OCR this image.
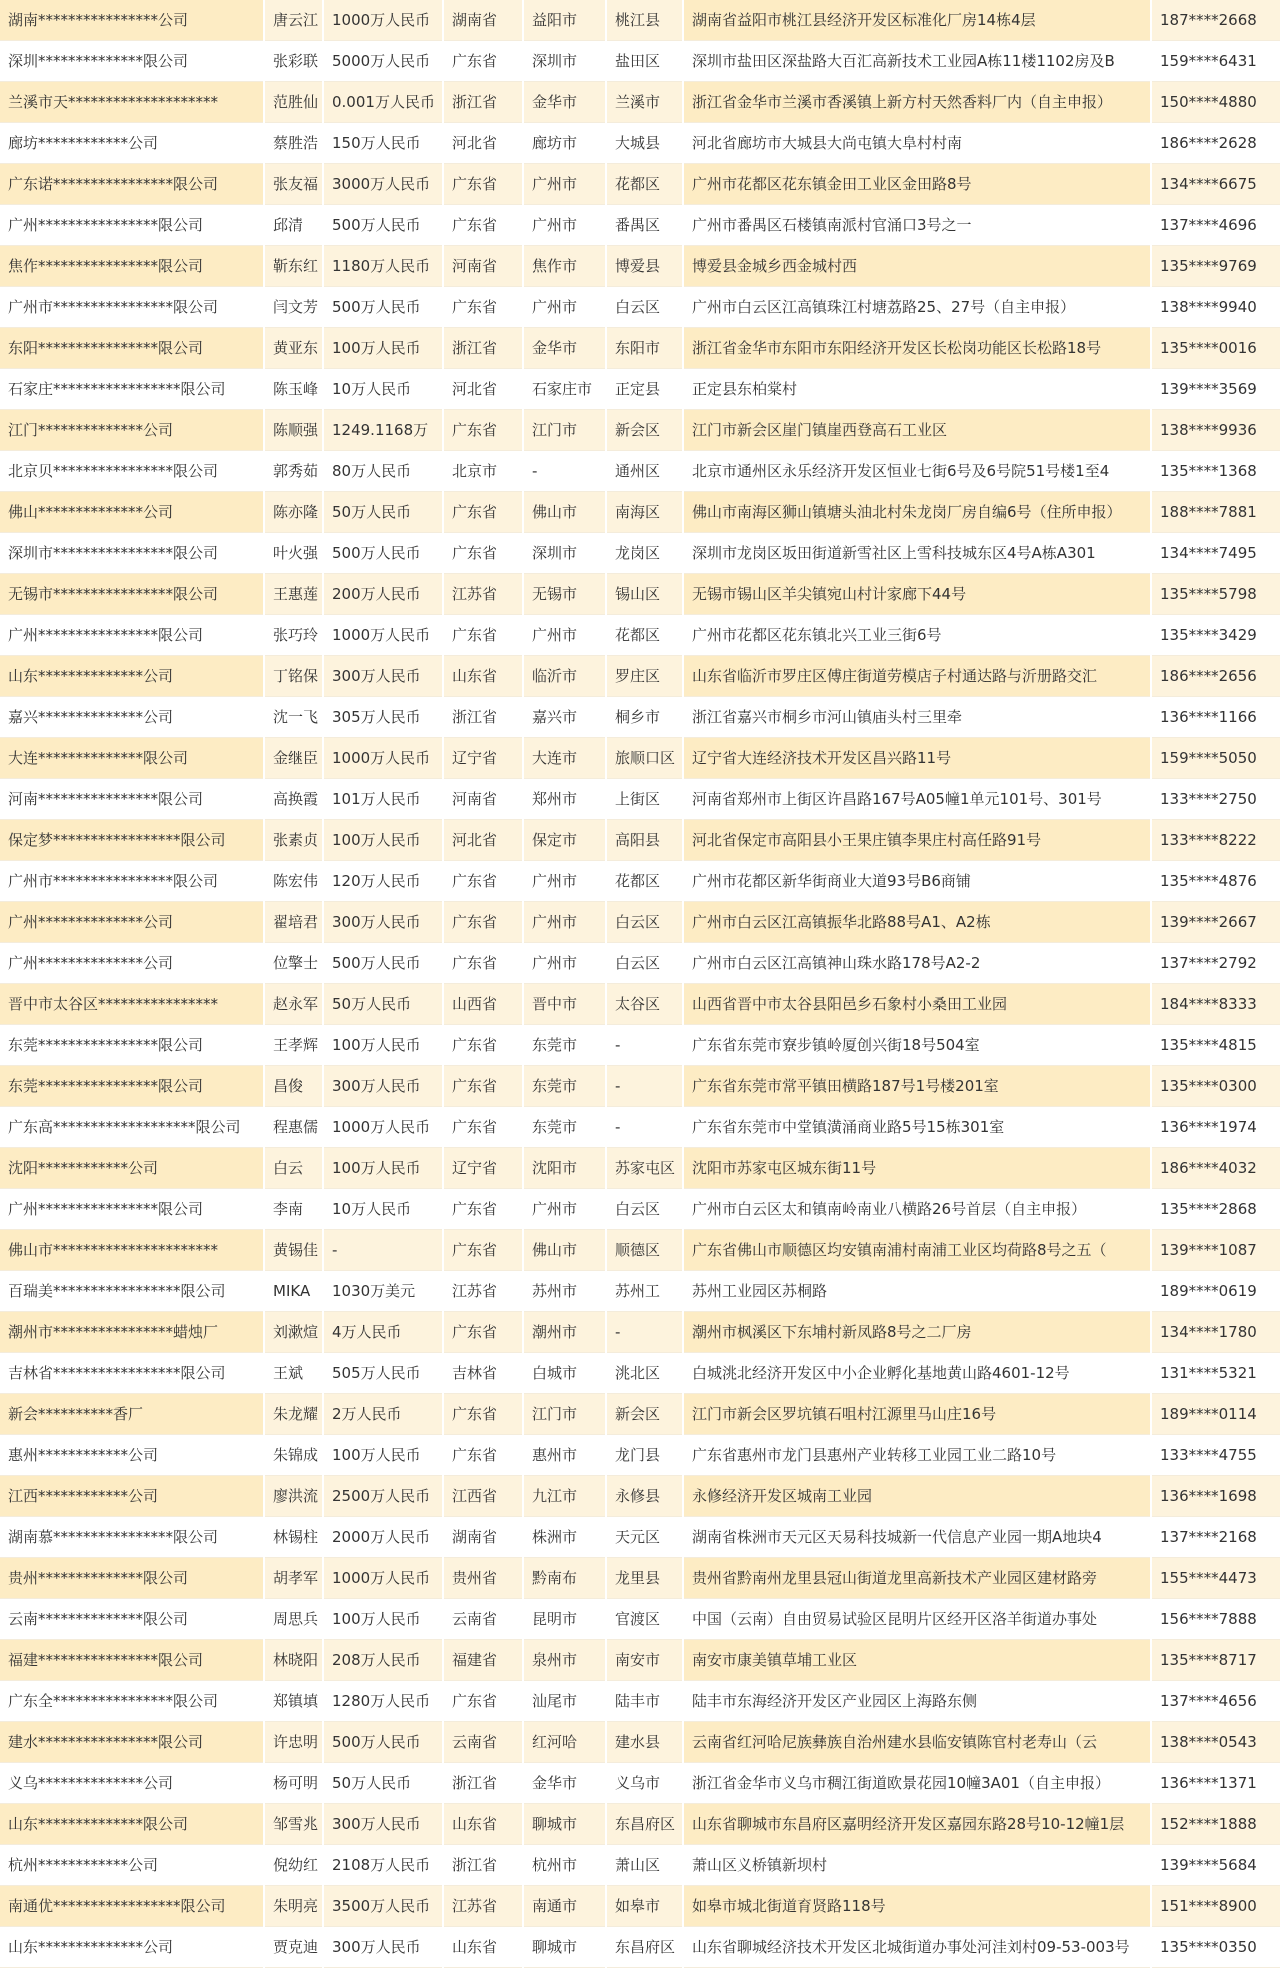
湖南****************公司	唐云江	1000万人民币	湖南省	益阳市	桃江县	湖南省益阳市桃江县经济开发区标准化厂房14栋4层	187****2668
深圳**************限公司	张彩联	5000万人民币	广东省	深圳市	盐田区	深圳市盐田区深盐路大百汇高新技术工业园A栋11楼1102房及B	159****6431
兰溪市天********************	范胜仙	0.001万人民币	浙江省	金华市	兰溪市	浙江省金华市兰溪市香溪镇上新方村天然香料厂内（自主申报）	150****4880
廊坊************公司	蔡胜浩	150万人民币	河北省	廊坊市	大城县	河北省廊坊市大城县大尚屯镇大阜村村南	186****2628
广东诺****************限公司	张友福	3000万人民币	广东省	广州市	花都区	广州市花都区花东镇金田工业区金田路8号	134****6675
广州****************限公司	邱清	500万人民币	广东省	广州市	番禺区	广州市番禺区石楼镇南派村官涌口3号之一	137****4696
焦作****************限公司	靳东红	1180万人民币	河南省	焦作市	博爱县	博爱县金城乡西金城村西	135****9769
广州市****************限公司	闫文芳	500万人民币	广东省	广州市	白云区	广州市白云区江高镇珠江村塘荔路25、27号（自主申报）	138****9940
东阳****************限公司	黄亚东	100万人民币	浙江省	金华市	东阳市	浙江省金华市东阳市东阳经济开发区长松岗功能区长松路18号	135****0016
石家庄*****************限公司	陈玉峰	10万人民币	河北省	石家庄市	正定县	正定县东柏棠村	139****3569
江门**************公司	陈顺强	1249.1168万	广东省	江门市	新会区	江门市新会区崖门镇崖西登高石工业区	138****9936
北京贝****************限公司	郭秀茹	80万人民币	北京市	-	通州区	北京市通州区永乐经济开发区恒业七街6号及6号院51号楼1至4	135****1368
佛山**************公司	陈亦隆	50万人民币	广东省	佛山市	南海区	佛山市南海区狮山镇塘头油北村朱龙岗厂房自编6号（住所申报）	188****7881
深圳市****************限公司	叶火强	500万人民币	广东省	深圳市	龙岗区	深圳市龙岗区坂田街道新雪社区上雪科技城东区4号A栋A301	134****7495
无锡市****************限公司	王惠莲	200万人民币	江苏省	无锡市	锡山区	无锡市锡山区羊尖镇宛山村计家廊下44号	135****5798
广州****************限公司	张巧玲	1000万人民币	广东省	广州市	花都区	广州市花都区花东镇北兴工业三街6号	135****3429
山东**************公司	丁铭保	300万人民币	山东省	临沂市	罗庄区	山东省临沂市罗庄区傅庄街道劳模店子村通达路与沂册路交汇	186****2656
嘉兴**************公司	沈一飞	305万人民币	浙江省	嘉兴市	桐乡市	浙江省嘉兴市桐乡市河山镇庙头村三里牵	136****1166
大连**************限公司	金继臣	1000万人民币	辽宁省	大连市	旅顺口区	辽宁省大连经济技术开发区昌兴路11号	159****5050
河南****************限公司	高换霞	101万人民币	河南省	郑州市	上街区	河南省郑州市上街区许昌路167号A05幢1单元101号、301号	133****2750
保定梦*****************限公司	张素贞	100万人民币	河北省	保定市	高阳县	河北省保定市高阳县小王果庄镇李果庄村高任路91号	133****8222
广州市****************限公司	陈宏伟	120万人民币	广东省	广州市	花都区	广州市花都区新华街商业大道93号B6商铺	135****4876
广州**************公司	翟培君	300万人民币	广东省	广州市	白云区	广州市白云区江高镇振华北路88号A1、A2栋	139****2667
广州**************公司	位擎士	500万人民币	广东省	广州市	白云区	广州市白云区江高镇神山珠水路178号A2-2	137****2792
晋中市太谷区****************	赵永军	50万人民币	山西省	晋中市	太谷区	山西省晋中市太谷县阳邑乡石象村小桑田工业园	184****8333
东莞****************限公司	王孝辉	100万人民币	广东省	东莞市	-	广东省东莞市寮步镇岭厦创兴街18号504室	135****4815
东莞****************限公司	昌俊	300万人民币	广东省	东莞市	-	广东省东莞市常平镇田横路187号1号楼201室	135****0300
广东高*******************限公司	程惠儒	1000万人民币	广东省	东莞市	-	广东省东莞市中堂镇潢涌商业路5号15栋301室	136****1974
沈阳************公司	白云	100万人民币	辽宁省	沈阳市	苏家屯区	沈阳市苏家屯区城东街11号	186****4032
广州****************限公司	李南	10万人民币	广东省	广州市	白云区	广州市白云区太和镇南岭南业八横路26号首层（自主申报）	135****2868
佛山市**********************	黄锡佳	-	广东省	佛山市	顺德区	广东省佛山市顺德区均安镇南浦村南浦工业区均荷路8号之五（	139****1087
百瑞美*****************限公司	MIKA	1030万美元	江苏省	苏州市	苏州工	苏州工业园区苏桐路	189****0619
潮州市****************蜡烛厂	刘漱煊	4万人民币	广东省	潮州市	-	潮州市枫溪区下东埔村新凤路8号之二厂房	134****1780
吉林省*****************限公司	王斌	505万人民币	吉林省	白城市	洮北区	白城洮北经济开发区中小企业孵化基地黄山路4601-12号	131****5321
新会**********香厂	朱龙耀	2万人民币	广东省	江门市	新会区	江门市新会区罗坑镇石咀村江源里马山庄16号	189****0114
惠州************公司	朱锦成	100万人民币	广东省	惠州市	龙门县	广东省惠州市龙门县惠州产业转移工业园工业二路10号	133****4755
江西************公司	廖洪流	2500万人民币	江西省	九江市	永修县	永修经济开发区城南工业园	136****1698
湖南慕****************限公司	林锡柱	2000万人民币	湖南省	株洲市	天元区	湖南省株洲市天元区天易科技城新一代信息产业园一期A地块4	137****2168
贵州**************限公司	胡孝军	1000万人民币	贵州省	黔南布	龙里县	贵州省黔南州龙里县冠山街道龙里高新技术产业园区建材路旁	155****4473
云南**************限公司	周思兵	100万人民币	云南省	昆明市	官渡区	中国（云南）自由贸易试验区昆明片区经开区洛羊街道办事处	156****7888
福建****************限公司	林晓阳	208万人民币	福建省	泉州市	南安市	南安市康美镇草埔工业区	135****8717
广东全****************限公司	郑镇填	1280万人民币	广东省	汕尾市	陆丰市	陆丰市东海经济开发区产业园区上海路东侧	137****4656
建水****************限公司	许忠明	500万人民币	云南省	红河哈	建水县	云南省红河哈尼族彝族自治州建水县临安镇陈官村老寿山（云	138****0543
义乌**************公司	杨可明	50万人民币	浙江省	金华市	义乌市	浙江省金华市义乌市稠江街道欧景花园10幢3A01（自主申报）	136****1371
山东**************限公司	邹雪兆	300万人民币	山东省	聊城市	东昌府区	山东省聊城市东昌府区嘉明经济开发区嘉园东路28号10-12幢1层	152****1888
杭州************公司	倪幼红	2108万人民币	浙江省	杭州市	萧山区	萧山区义桥镇新坝村	139****5684
南通优*****************限公司	朱明亮	3500万人民币	江苏省	南通市	如皋市	如皋市城北街道育贤路118号	151****8900
山东**************公司	贾克迪	300万人民币	山东省	聊城市	东昌府区	山东省聊城经济技术开发区北城街道办事处河洼刘村09-53-003号	135****0350
